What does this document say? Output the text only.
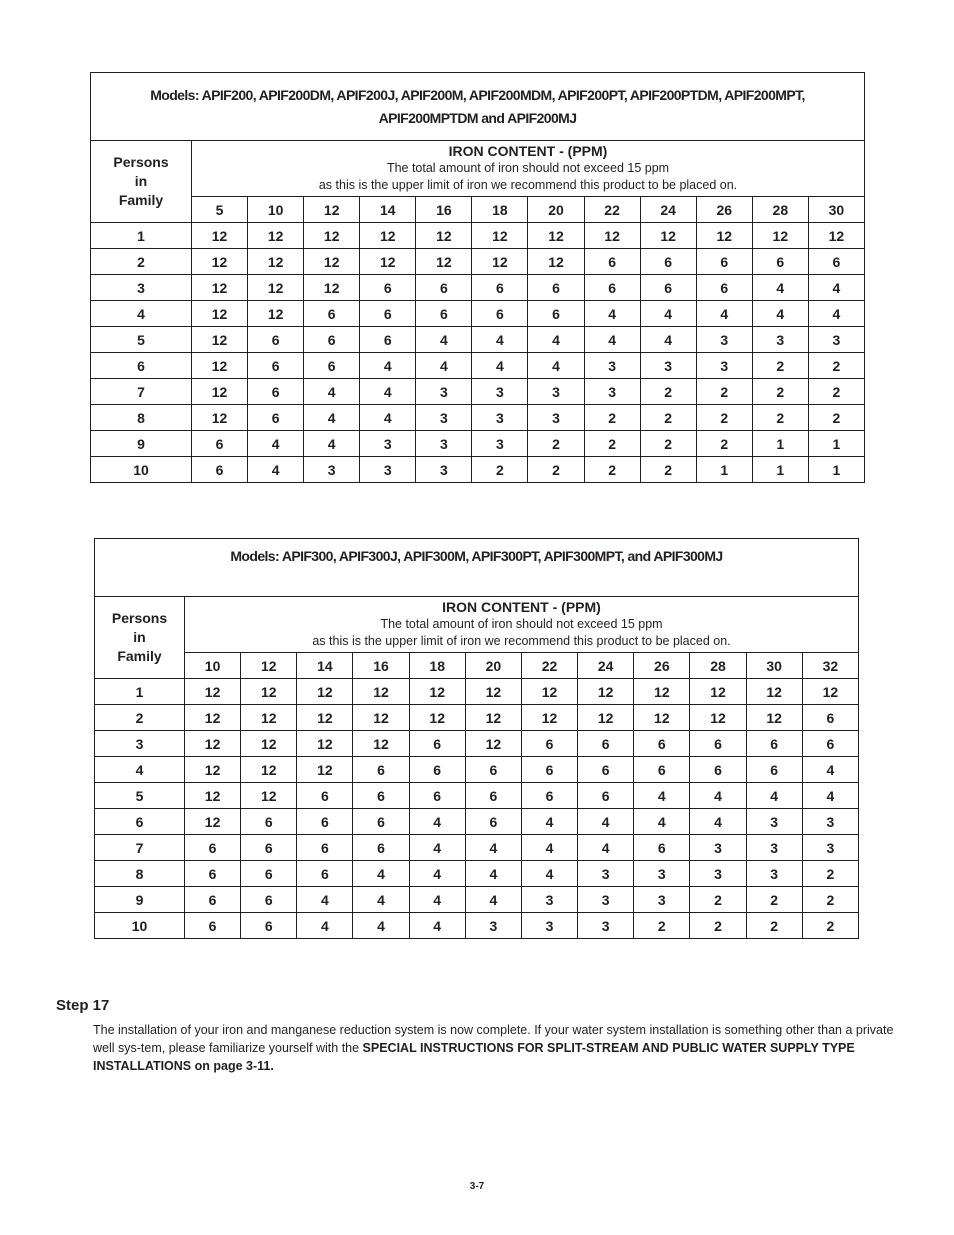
Models: APIF200, APIF200DM, APIF200J, APIF200M, APIF200MDM, APIF200PT, APIF200PTDM, APIF200MPT,
APIF200MPTDM and APIF200MJ												
Persons
in
Family	IRON CONTENT - (PPM)
The total amount of iron should not exceed 15 ppm
as this is the upper limit of iron we recommend this product to be placed on.											

	5	10	12	14	16	18	20	22	24	26	28	30
1	12	12	12	12	12	12	12	12	12	12	12	12
2	12	12	12	12	12	12	12	6	6	6	6	6
3	12	12	12	6	6	6	6	6	6	6	4	4
4	12	12	6	6	6	6	6	4	4	4	4	4
5	12	6	6	6	4	4	4	4	4	3	3	3
6	12	6	6	4	4	4	4	3	3	3	2	2
7	12	6	4	4	3	3	3	3	2	2	2	2
8	12	6	4	4	3	3	3	2	2	2	2	2
9	6	4	4	3	3	3	2	2	2	2	1	1
10	6	4	3	3	3	2	2	2	2	1	1	1
Models: APIF300, APIF300J, APIF300M, APIF300PT, APIF300MPT, and APIF300MJ												
Persons
in
Family	IRON CONTENT - (PPM)
The total amount of iron should not exceed 15 ppm
as this is the upper limit of iron we recommend this product to be placed on.											

	10	12	14	16	18	20	22	24	26	28	30	32
1	12	12	12	12	12	12	12	12	12	12	12	12
2	12	12	12	12	12	12	12	12	12	12	12	6
3	12	12	12	12	6	12	6	6	6	6	6	6
4	12	12	12	6	6	6	6	6	6	6	6	4
5	12	12	6	6	6	6	6	6	4	4	4	4
6	12	6	6	6	4	6	4	4	4	4	3	3
7	6	6	6	6	4	4	4	4	6	3	3	3
8	6	6	6	4	4	4	4	3	3	3	3	2
9	6	6	4	4	4	4	3	3	3	2	2	2
10	6	6	4	4	4	3	3	3	2	2	2	2
Step 17
The installation of your iron and manganese reduction system is now complete. If your water system installation is something other than a private well sys-tem, please familiarize yourself with the SPECIAL INSTRUCTIONS FOR SPLIT-STREAM AND PUBLIC WATER SUPPLY TYPE INSTALLATIONS on page 3-11.
3-7
